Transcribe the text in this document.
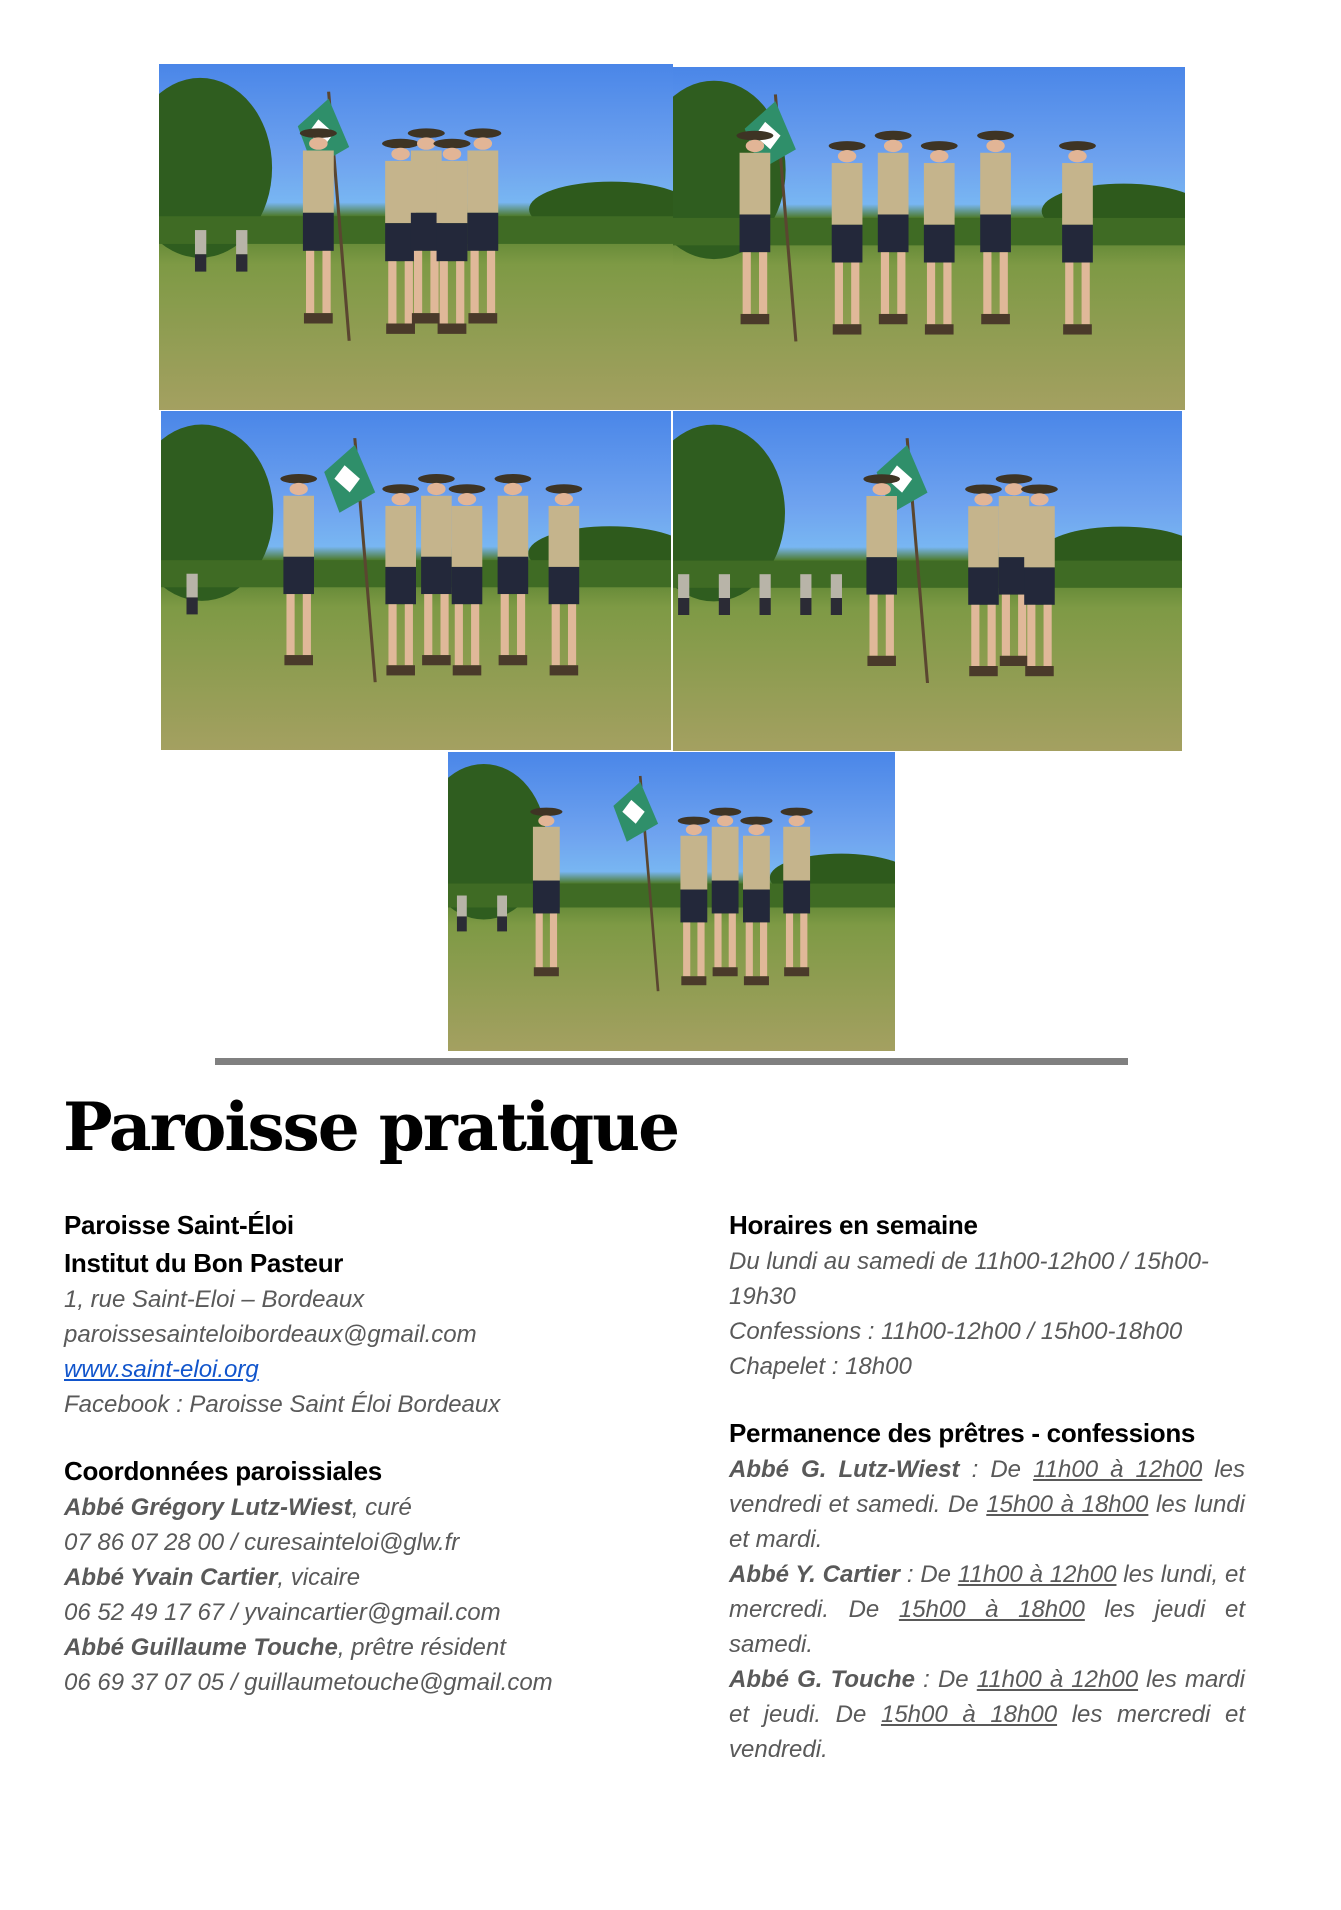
Paroisse pratique

Paroisse Saint-Éloi

Institut du Bon Pasteur

1, rue Saint-Eloi – Bordeaux

paroissesainteloibordeaux@gmail.com

www.saint-eloi.org

Facebook : Paroisse Saint Éloi Bordeaux

Coordonnées paroissiales

Abbé Grégory Lutz-Wiest, curé

07 86 07 28 00 / curesainteloi@glw.fr

Abbé Yvain Cartier, vicaire

06 52 49 17 67 / yvaincartier@gmail.com

Abbé Guillaume Touche, prêtre résident

06 69 37 07 05 / guillaumetouche@gmail.com

Horaires en semaine

Du lundi au samedi de 11h00-12h00 / 15h00-

19h30

Confessions : 11h00-12h00 / 15h00-18h00

Chapelet : 18h00

Permanence des prêtres - confessions

Abbé G. Lutz-Wiest : De 11h00 à 12h00 les vendredi et samedi. De 15h00 à 18h00 les lundi et mardi.

Abbé Y. Cartier : De 11h00 à 12h00 les lundi, et mercredi. De 15h00 à 18h00 les jeudi et samedi.

Abbé G. Touche : De 11h00 à 12h00 les mardi et jeudi. De 15h00 à 18h00 les mercredi et vendredi.
